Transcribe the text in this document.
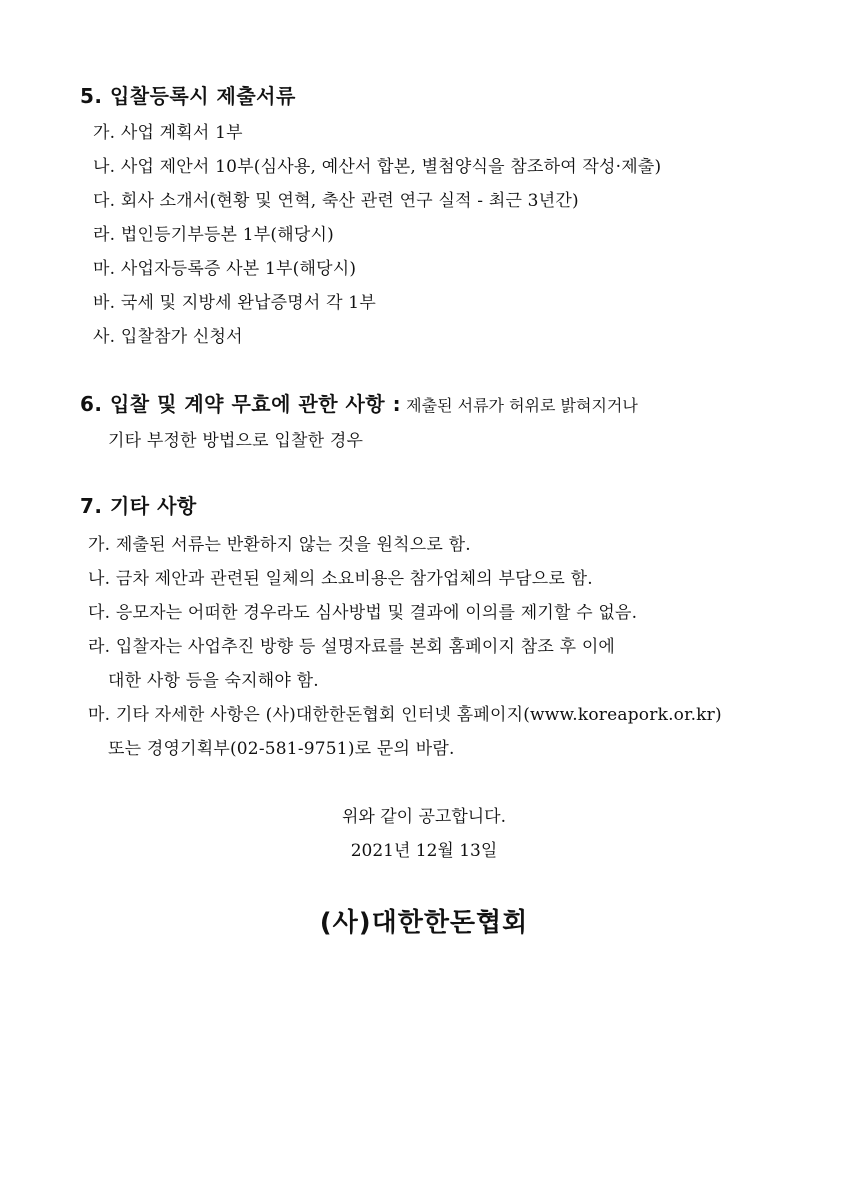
5. 입찰등록시 제출서류
가. 사업 계획서 1부
나. 사업 제안서 10부(심사용, 예산서 합본, 별첨양식을 참조하여 작성·제출)
다. 회사 소개서(현황 및 연혁, 축산 관련 연구 실적 - 최근 3년간)
라. 법인등기부등본 1부(해당시)
마. 사업자등록증 사본 1부(해당시)
바. 국세 및 지방세 완납증명서 각 1부
사. 입찰참가 신청서
6. 입찰 및 계약 무효에 관한 사항 : 제출된 서류가 허위로 밝혀지거나
기타 부정한 방법으로 입찰한 경우
7. 기타 사항
가. 제출된 서류는 반환하지 않는 것을 원칙으로 함.
나. 금차 제안과 관련된 일체의 소요비용은 참가업체의 부담으로 함.
다. 응모자는 어떠한 경우라도 심사방법 및 결과에 이의를 제기할 수 없음.
라. 입찰자는 사업추진 방향 등 설명자료를 본회 홈페이지 참조 후 이에
대한 사항 등을 숙지해야 함.
마. 기타 자세한 사항은 (사)대한한돈협회 인터넷 홈페이지(www.koreapork.or.kr)
또는 경영기획부(02-581-9751)로 문의 바람.
위와 같이 공고합니다.
2021년 12월 13일
(사)대한한돈협회
